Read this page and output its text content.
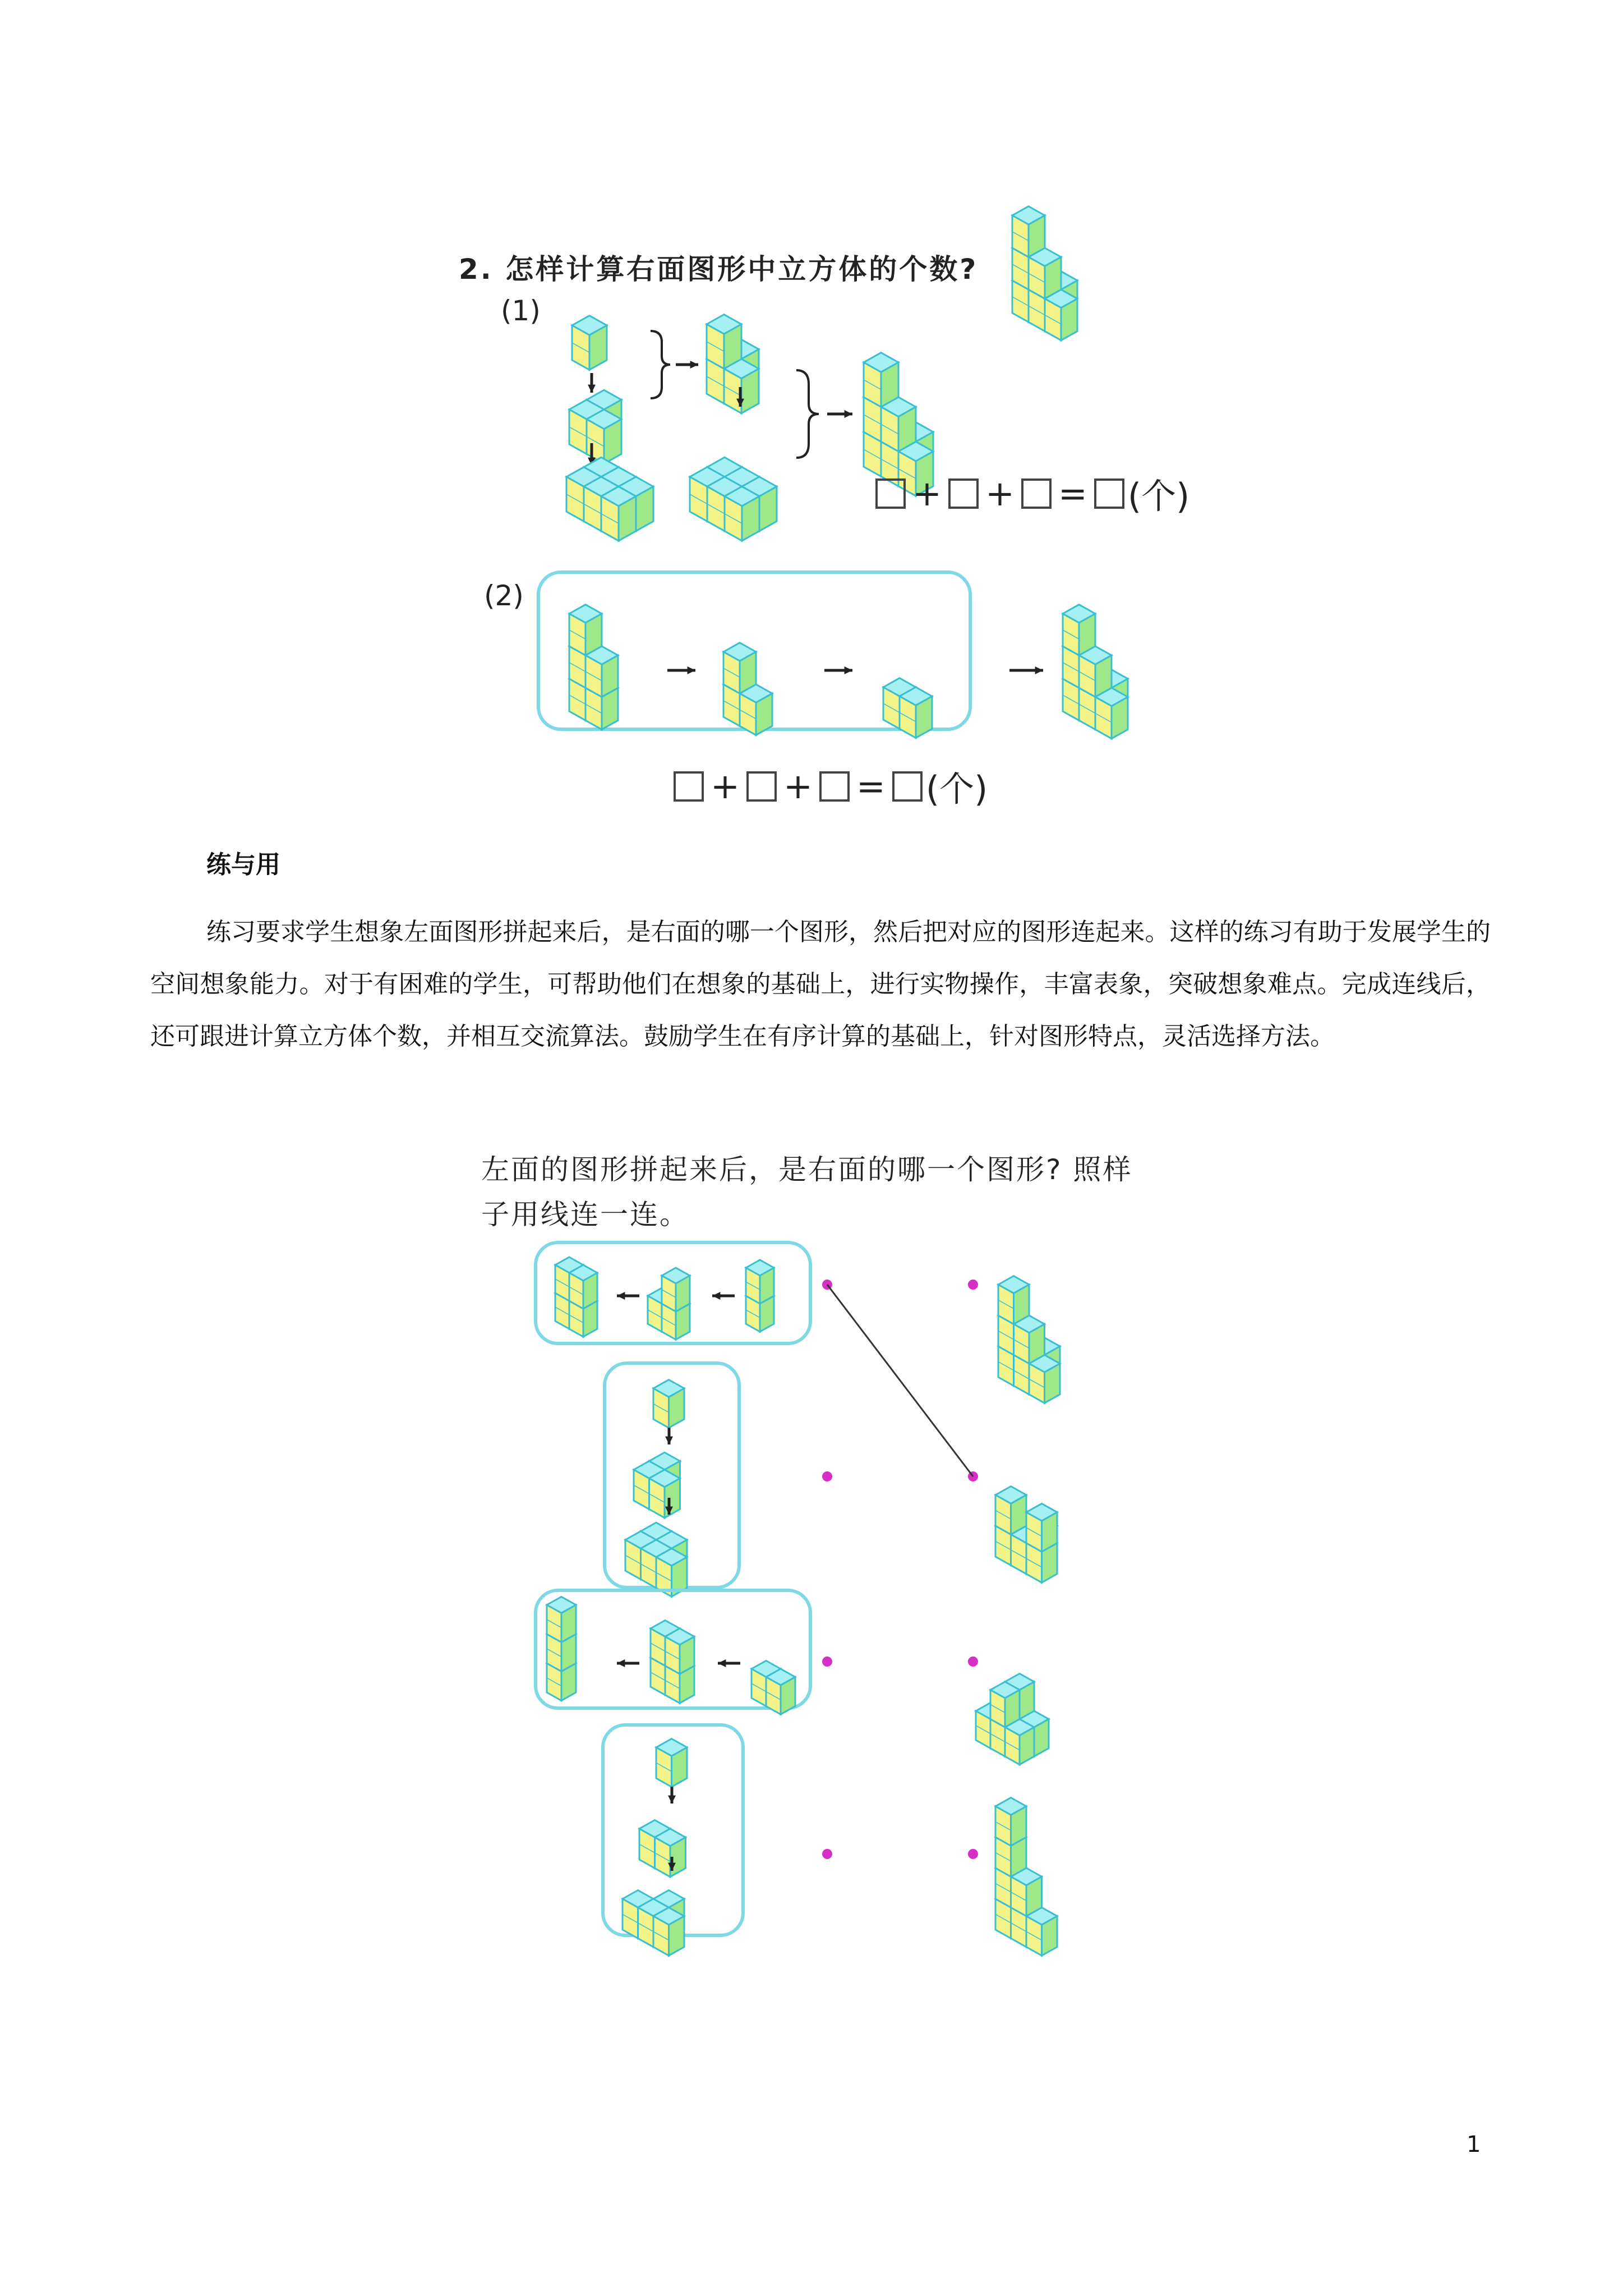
2. 怎样计算右面图形中立方体的个数?
(1)
(2)
+ + = (个)
+ + = (个)
练与用
练习要求学生想象左面图形拼起来后，是右面的哪一个图形，然后把对应的图形连起来。这样的练习有助于发展学生的空间想象能力。对于有困难的学生，可帮助他们在想象的基础上，进行实物操作，丰富表象，突破想象难点。完成连线后，还可跟进计算立方体个数，并相互交流算法。鼓励学生在有序计算的基础上，针对图形特点，灵活选择方法。
左面的图形拼起来后，是右面的哪一个图形? 照样
子用线连一连。
1
